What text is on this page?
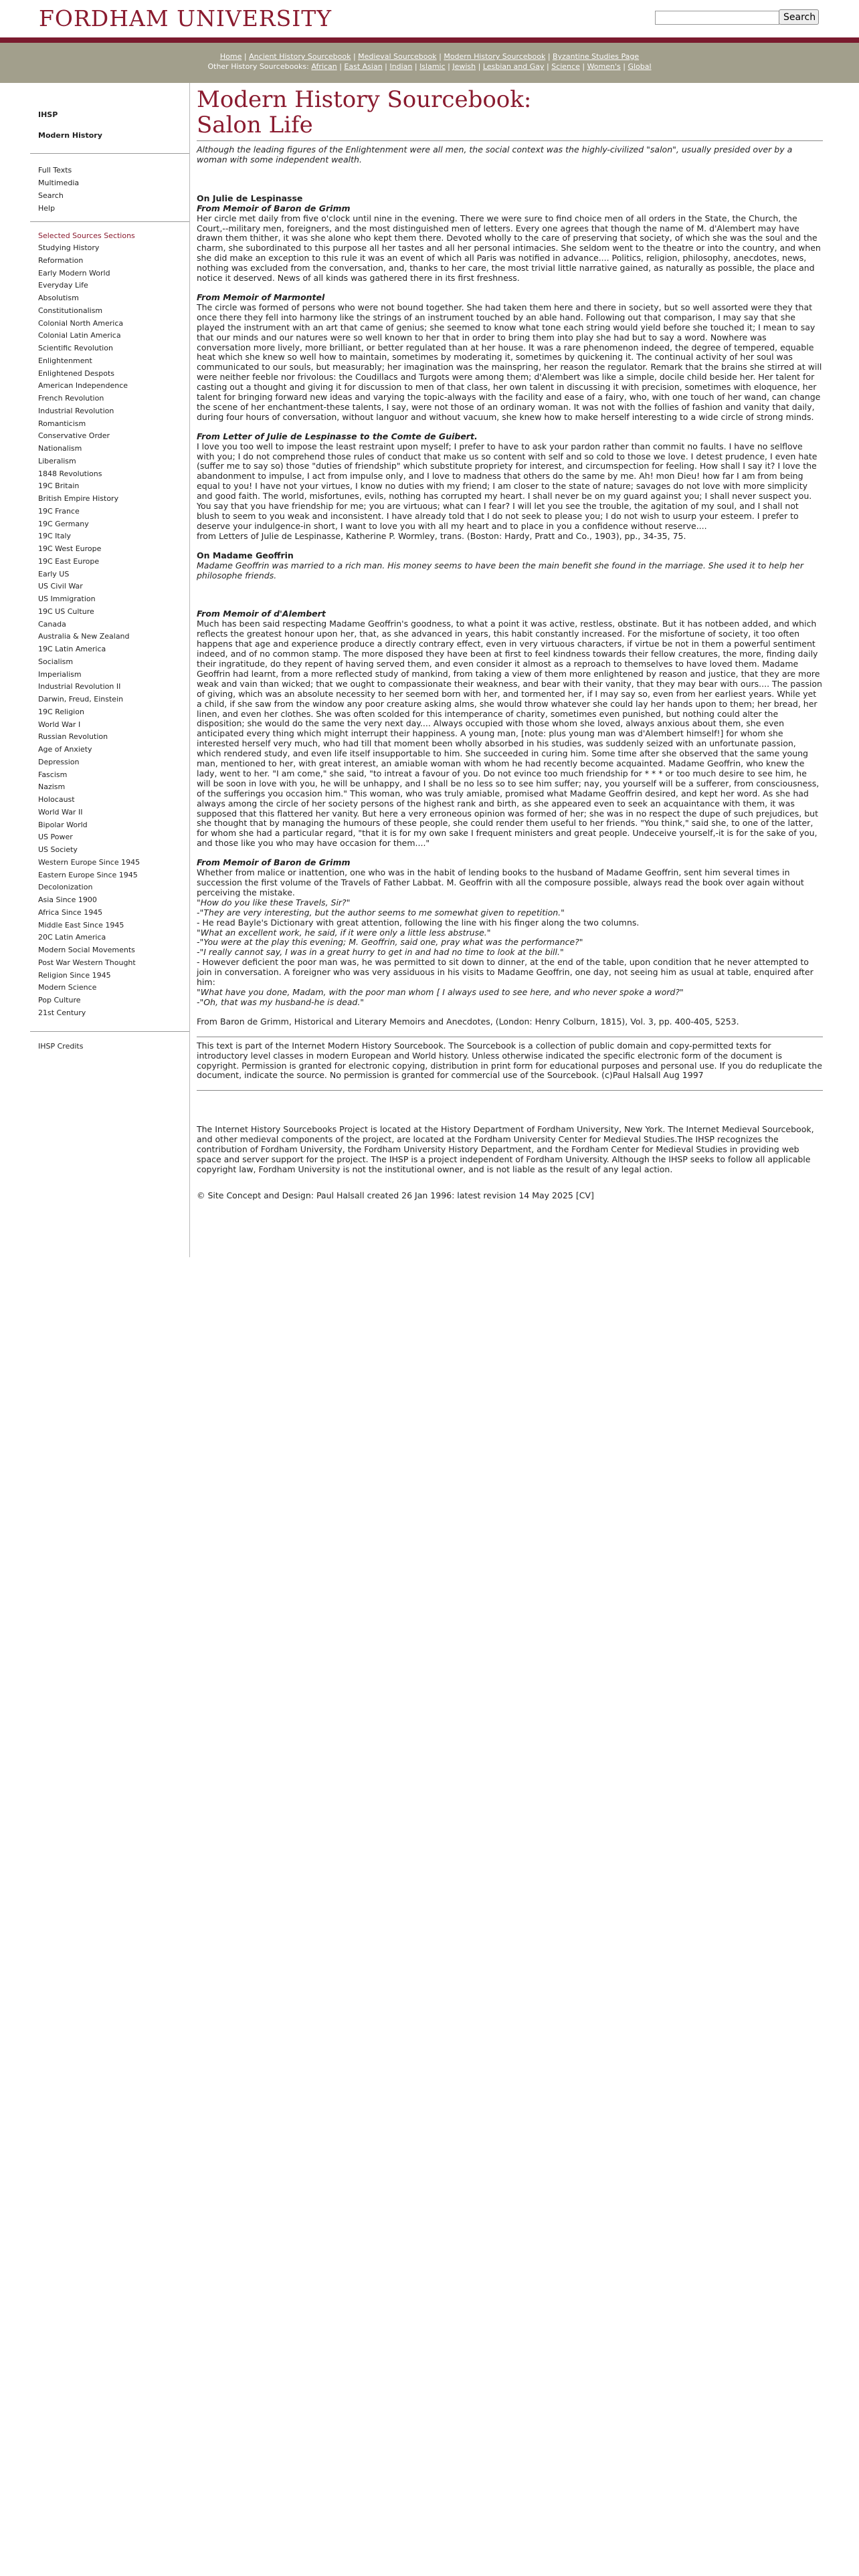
FORDHAM UNIVERSITY	Search
Home | Ancient History Sourcebook | Medieval Sourcebook | Modern History Sourcebook | Byzantine Studies Page
Other History Sourcebooks: African | East Asian | Indian | Islamic | Jewish | Lesbian and Gay | Science | Women's | Global
IHSP
Modern History
Full Texts
Multimedia
Search
Help
Selected Sources Sections
Studying History
Reformation
Early Modern World
Everyday Life
Absolutism
Constitutionalism
Colonial North America
Colonial Latin America
Scientific Revolution
Enlightenment
Enlightened Despots
American Independence
French Revolution
Industrial Revolution
Romanticism
Conservative Order
Nationalism
Liberalism
1848 Revolutions
19C Britain
British Empire History
19C France
19C Germany
19C Italy
19C West Europe
19C East Europe
Early US
US Civil War
US Immigration
19C US Culture
Canada
Australia & New Zealand
19C Latin America
Socialism
Imperialism
Industrial Revolution II
Darwin, Freud, Einstein
19C Religion
World War I
Russian Revolution
Age of Anxiety
Depression
Fascism
Nazism
Holocaust
World War II
Bipolar World
US Power
US Society
Western Europe Since 1945
Eastern Europe Since 1945
Decolonization
Asia Since 1900
Africa Since 1945
Middle East Since 1945
20C Latin America
Modern Social Movements
Post War Western Thought
Religion Since 1945
Modern Science
Pop Culture
21st Century
IHSP Credits
Modern History Sourcebook:
Salon Life

Although the leading figures of the Enlightenment were all men, the social context was the highly-civilized "salon", usually presided over by a woman with some independent wealth.

On Julie de Lespinasse
From Memoir of Baron de Grimm

Her circle met daily from five o'clock until nine in the evening. There we were sure to find choice men of all orders in the State, the Church, the Court,--military men, foreigners, and the most distinguished men of letters. Every one agrees that though the name of M. d'Alembert may have drawn them thither, it was she alone who kept them there. Devoted wholly to the care of preserving that society, of which she was the soul and the charm, she subordinated to this purpose all her tastes and all her personal intimacies. She seldom went to the theatre or into the country, and when she did make an exception to this rule it was an event of which all Paris was notified in advance.... Politics, religion, philosophy, anecdotes, news, nothing was excluded from the conversation, and, thanks to her care, the most trivial little narrative gained, as naturally as possible, the place and notice it deserved. News of all kinds was gathered there in its first freshness.

From Memoir of Marmontel

The circle was formed of persons who were not bound together. She had taken them here and there in society, but so well assorted were they that once there they fell into harmony like the strings of an instrument touched by an able hand. Following out that comparison, I may say that she played the instrument with an art that came of genius; she seemed to know what tone each string would yield before she touched it; I mean to say that our minds and our natures were so well known to her that in order to bring them into play she had but to say a word. Nowhere was conversation more lively, more brilliant, or better regulated than at her house. It was a rare phenomenon indeed, the degree of tempered, equable heat which she knew so well how to maintain, sometimes by moderating it, sometimes by quickening it. The continual activity of her soul was communicated to our souls, but measurably; her imagination was the mainspring, her reason the regulator. Remark that the brains she stirred at will were neither feeble nor frivolous: the Coudillacs and Turgots were among them; d'Alembert was like a simple, docile child beside her. Her talent for casting out a thought and giving it for discussion to men of that class, her own talent in discussing it with precision, sometimes with eloquence, her talent for bringing forward new ideas and varying the topic-always with the facility and ease of a fairy, who, with one touch of her wand, can change the scene of her enchantment-these talents, I say, were not those of an ordinary woman. It was not with the follies of fashion and vanity that daily, during four hours of conversation, without languor and without vacuum, she knew how to make herself interesting to a wide circle of strong minds.

From Letter of Julie de Lespinasse to the Comte de Guibert.
I love you too well to impose the least restraint upon myself; I prefer to have to ask your pardon rather than commit no faults. I have no selflove with you; I do not comprehend those rules of conduct that make us so content with self and so cold to those we love. I detest prudence, I even hate (suffer me to say so) those "duties of friendship" which substitute propriety for interest, and circumspection for feeling. How shall I say it? I love the abandonment to impulse, I act from impulse only, and I love to madness that others do the same by me. Ah! mon Dieu! how far I am from being equal to you! I have not your virtues, I know no duties with my friend; I am closer to the state of nature; savages do not love with more simplicity and good faith. The world, misfortunes, evils, nothing has corrupted my heart. I shall never be on my guard against you; I shall never suspect you. You say that you have friendship for me; you are virtuous; what can I fear? I will let you see the trouble, the agitation of my soul, and I shall not blush to seem to you weak and inconsistent. I have already told that I do not seek to please you; I do not wish to usurp your esteem. I prefer to deserve your indulgence-in short, I want to love you with all my heart and to place in you a confidence without reserve....

from Letters of Julie de Lespinasse, Katherine P. Wormley, trans. (Boston: Hardy, Pratt and Co., 1903), pp., 34-35, 75.

On Madame Geoffrin

Madame Geoffrin was married to a rich man. His money seems to have been the main benefit she found in the marriage. She used it to help her philosophe friends.

From Memoir of d'Alembert

Much has been said respecting Madame Geoffrin's goodness, to what a point it was active, restless, obstinate. But it has notbeen added, and which reflects the greatest honour upon her, that, as she advanced in years, this habit constantly increased. For the misfortune of society, it too often happens that age and experience produce a directly contrary effect, even in very virtuous characters, if virtue be not in them a powerful sentiment indeed, and of no common stamp. The more disposed they have been at first to feel kindness towards their fellow creatures, the more, finding daily their ingratitude, do they repent of having served them, and even consider it almost as a reproach to themselves to have loved them. Madame Geoffrin had learnt, from a more reflected study of mankind, from taking a view of them more enlightened by reason and justice, that they are more weak and vain than wicked; that we ought to compassionate their weakness, and bear with their vanity, that they may bear with ours.... The passion of giving, which was an absolute necessity to her seemed born with her, and tormented her, if I may say so, even from her earliest years. While yet a child, if she saw from the window any poor creature asking alms, she would throw whatever she could lay her hands upon to them; her bread, her linen, and even her clothes. She was often scolded for this intemperance of charity, sometimes even punished, but nothing could alter the disposition; she would do the same the very next day.... Always occupied with those whom she loved, always anxious about them, she even anticipated every thing which might interrupt their happiness. A young man, [note: plus young man was d'Alembert himself!] for whom she interested herself very much, who had till that moment been wholly absorbed in his studies, was suddenly seized with an unfortunate passion, which rendered study, and even life itself insupportable to him. She succeeded in curing him. Some time after she observed that the same young man, mentioned to her, with great interest, an amiable woman with whom he had recently become acquainted. Madame Geoffrin, who knew the lady, went to her. "I am come," she said, "to intreat a favour of you. Do not evince too much friendship for * * * or too much desire to see him, he will be soon in love with you, he will be unhappy, and I shall be no less so to see him suffer; nay, you yourself will be a sufferer, from consciousness, of the sufferings you occasion him." This woman, who was truly amiable, promised what Madame Geoffrin desired, and kept her word. As she had always among the circle of her society persons of the highest rank and birth, as she appeared even to seek an acquaintance with them, it was supposed that this flattered her vanity. But here a very erroneous opinion was formed of her; she was in no respect the dupe of such prejudices, but she thought that by managing the humours of these people, she could render them useful to her friends. "You think," said she, to one of the latter, for whom she had a particular regard, "that it is for my own sake I frequent ministers and great people. Undeceive yourself,-it is for the sake of you, and those like you who may have occasion for them...."

From Memoir of Baron de Grimm
Whether from malice or inattention, one who was in the habit of lending books to the husband of Madame Geoffrin, sent him several times in succession the first volume of the Travels of Father Labbat. M. Geoffrin with all the composure possible, always read the book over again without perceiving the mistake.
"How do you like these Travels, Sir?"
-"They are very interesting, but the author seems to me somewhat given to repetition."
- He read Bayle's Dictionary with great attention, following the line with his finger along the two columns.
"What an excellent work, he said, if it were only a little less abstruse."
-"You were at the play this evening; M. Geoffrin, said one, pray what was the performance?"
-"I really cannot say, I was in a great hurry to get in and had no time to look at the bill."
- However deficient the poor man was, he was permitted to sit down to dinner, at the end of the table, upon condition that he never attempted to join in conversation. A foreigner who was very assiduous in his visits to Madame Geoffrin, one day, not seeing him as usual at table, enquired after him:
"What have you done, Madam, with the poor man whom [ I always used to see here, and who never spoke a word?"
-"Oh, that was my husband-he is dead."

From Baron de Grimm, Historical and Literary Memoirs and Anecdotes, (London: Henry Colburn, 1815), Vol. 3, pp. 400-405, 5253.

This text is part of the Internet Modern History Sourcebook. The Sourcebook is a collection of public domain and copy-permitted texts for introductory level classes in modern European and World history. Unless otherwise indicated the specific electronic form of the document is copyright. Permission is granted for electronic copying, distribution in print form for educational purposes and personal use. If you do reduplicate the document, indicate the source. No permission is granted for commercial use of the Sourcebook. (c)Paul Halsall Aug 1997

The Internet History Sourcebooks Project is located at the History Department of Fordham University, New York. The Internet Medieval Sourcebook, and other medieval components of the project, are located at the Fordham University Center for Medieval Studies.The IHSP recognizes the contribution of Fordham University, the Fordham University History Department, and the Fordham Center for Medieval Studies in providing web space and server support for the project. The IHSP is a project independent of Fordham University. Although the IHSP seeks to follow all applicable copyright law, Fordham University is not the institutional owner, and is not liable as the result of any legal action.

© Site Concept and Design: Paul Halsall created 26 Jan 1996: latest revision 14 May 2025 [CV]
